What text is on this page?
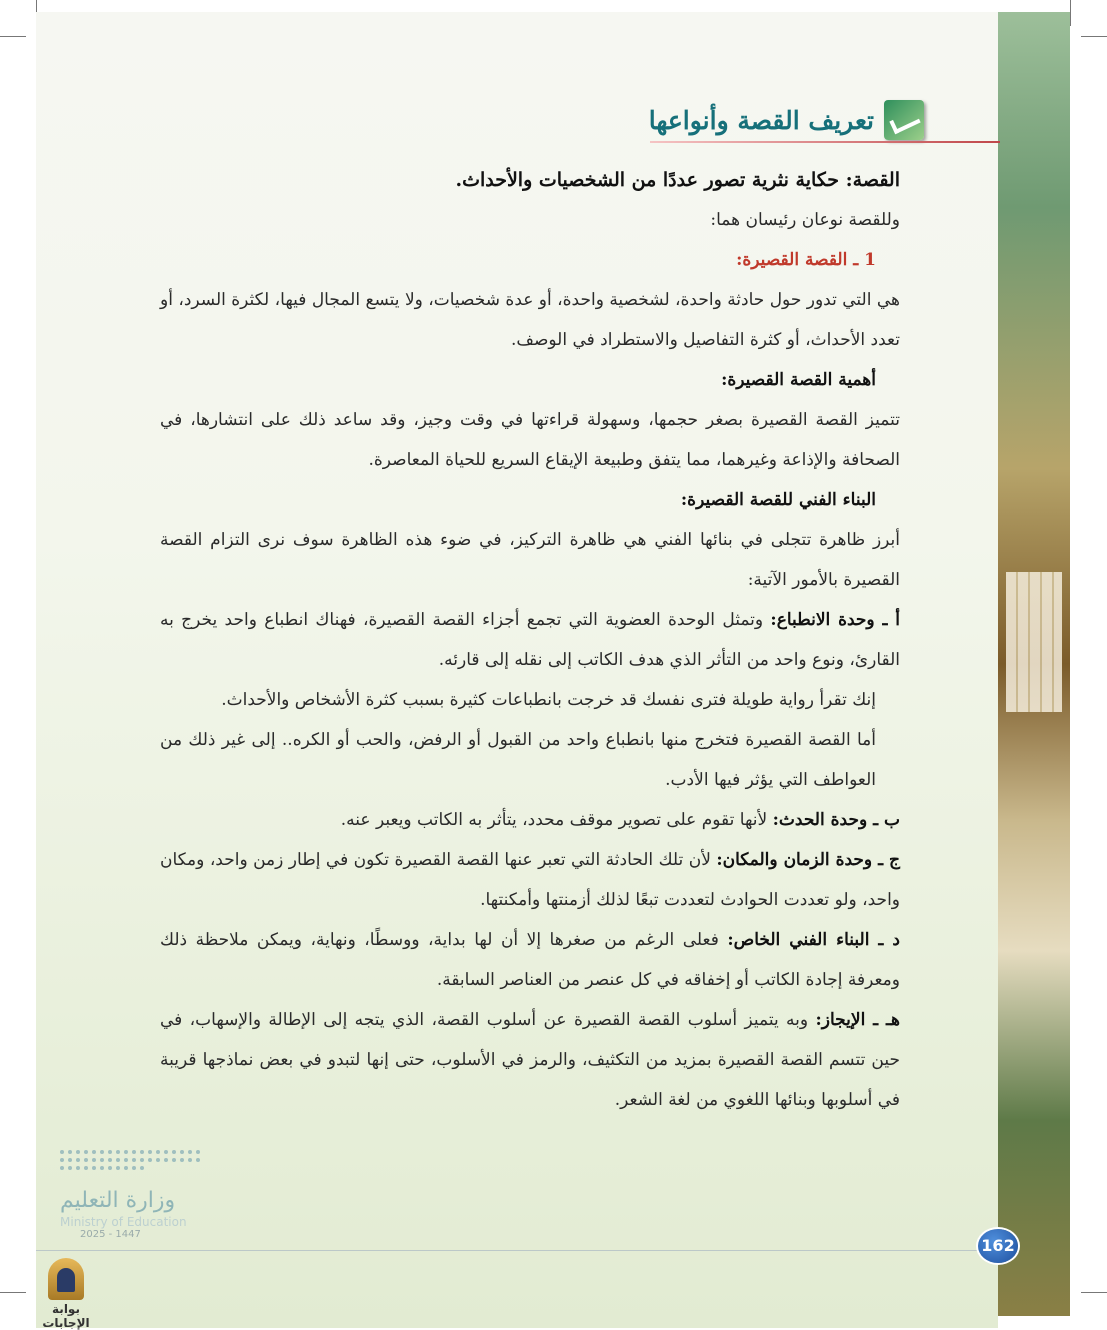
تعريف القصة وأنواعها

القصة: حكاية نثرية تصور عددًا من الشخصيات والأحداث.

وللقصة نوعان رئيسان هما:

1 ـ القصة القصيرة:

هي التي تدور حول حادثة واحدة، لشخصية واحدة، أو عدة شخصيات، ولا يتسع المجال فيها، لكثرة السرد، أو تعدد الأحداث، أو كثرة التفاصيل والاستطراد في الوصف.

أهمية القصة القصيرة:

تتميز القصة القصيرة بصغر حجمها، وسهولة قراءتها في وقت وجيز، وقد ساعد ذلك على انتشارها، في الصحافة والإذاعة وغيرهما، مما يتفق وطبيعة الإيقاع السريع للحياة المعاصرة.

البناء الفني للقصة القصيرة:

أبرز ظاهرة تتجلى في بنائها الفني هي ظاهرة التركيز، في ضوء هذه الظاهرة سوف نرى التزام القصة القصيرة بالأمور الآتية:

أ ـ وحدة الانطباع: وتمثل الوحدة العضوية التي تجمع أجزاء القصة القصيرة، فهناك انطباع واحد يخرج به القارئ، ونوع واحد من التأثر الذي هدف الكاتب إلى نقله إلى قارئه.

إنك تقرأ رواية طويلة فترى نفسك قد خرجت بانطباعات كثيرة بسبب كثرة الأشخاص والأحداث.

أما القصة القصيرة فتخرج منها بانطباع واحد من القبول أو الرفض، والحب أو الكره.. إلى غير ذلك من العواطف التي يؤثر فيها الأدب.

ب ـ وحدة الحدث: لأنها تقوم على تصوير موقف محدد، يتأثر به الكاتب ويعبر عنه.

ج ـ وحدة الزمان والمكان: لأن تلك الحادثة التي تعبر عنها القصة القصيرة تكون في إطار زمن واحد، ومكان واحد، ولو تعددت الحوادث لتعددت تبعًا لذلك أزمنتها وأمكنتها.

د ـ البناء الفني الخاص: فعلى الرغم من صغرها إلا أن لها بداية، ووسطًا، ونهاية، ويمكن ملاحظة ذلك ومعرفة إجادة الكاتب أو إخفاقه في كل عنصر من العناصر السابقة.

هـ ـ الإيجاز: وبه يتميز أسلوب القصة القصيرة عن أسلوب القصة، الذي يتجه إلى الإطالة والإسهاب، في حين تتسم القصة القصيرة بمزيد من التكثيف، والرمز في الأسلوب، حتى إنها لتبدو في بعض نماذجها قريبة في أسلوبها وبنائها اللغوي من لغة الشعر.

وزارة التعليم
Ministry of Education
2025 - 1447
162
بوابة الإجابات
